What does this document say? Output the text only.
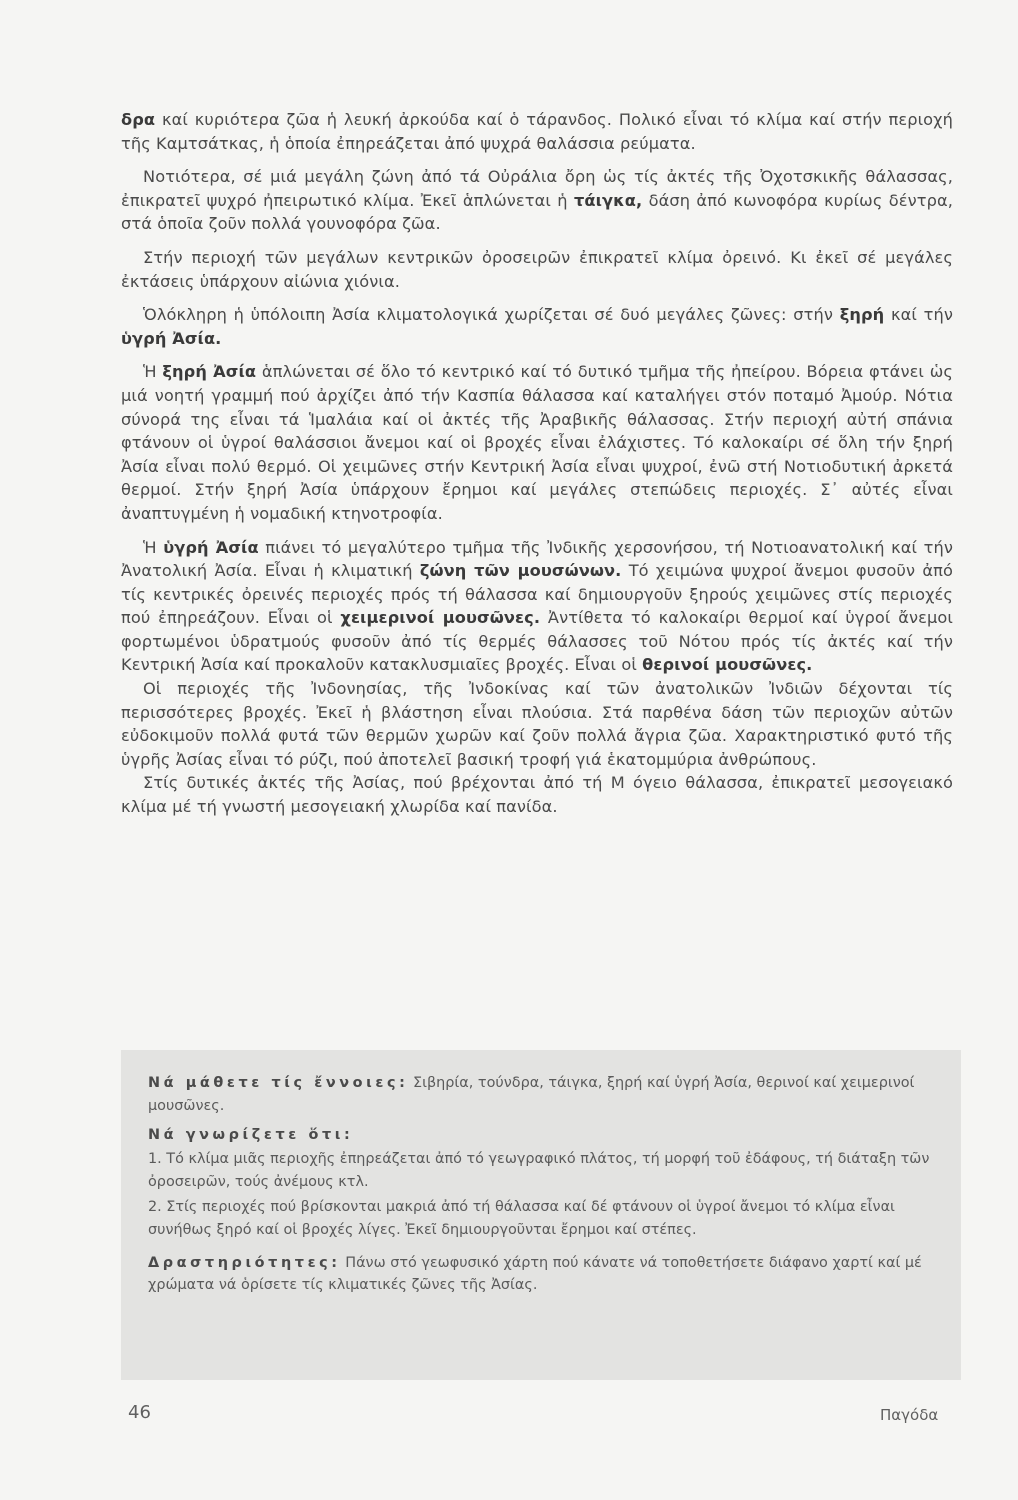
δρα καί κυριότερα ζῶα ἡ λευκή ἀρκούδα καί ὁ τάρανδος. Πολικό εἶναι τό κλίμα καί στήν περιοχή τῆς Καμτσάτκας, ἡ ὁποία ἐπηρεάζεται ἀπό ψυχρά θαλάσσια ρεύματα.

Νοτιότερα, σέ μιά μεγάλη ζώνη ἀπό τά Οὐράλια ὄρη ὡς τίς ἀκτές τῆς Ὀχοτσκικῆς θάλασσας, ἐπικρατεῖ ψυχρό ἠπειρωτικό κλίμα. Ἐκεῖ ἁπλώνεται ἡ τάιγκα, δάση ἀπό κωνοφόρα κυρίως δέντρα, στά ὁποῖα ζοῦν πολλά γουνοφόρα ζῶα.

Στήν περιοχή τῶν μεγάλων κεντρικῶν ὀροσειρῶν ἐπικρατεῖ κλίμα ὀρεινό. Κι ἐκεῖ σέ μεγάλες ἐκτάσεις ὑπάρχουν αἰώνια χιόνια.

Ὁλόκληρη ἡ ὑπόλοιπη Ἀσία κλιματολογικά χωρίζεται σέ δυό μεγάλες ζῶνες: στήν ξηρή καί τήν ὑγρή Ἀσία.

Ἡ ξηρή Ἀσία ἁπλώνεται σέ ὅλο τό κεντρικό καί τό δυτικό τμῆμα τῆς ἠπείρου. Βόρεια φτάνει ὡς μιά νοητή γραμμή πού ἀρχίζει ἀπό τήν Κασπία θάλασσα καί καταλήγει στόν ποταμό Ἀμούρ. Νότια σύνορά της εἶναι τά Ἱμαλάια καί οἱ ἀκτές τῆς Ἀραβικῆς θάλασσας. Στήν περιοχή αὐτή σπάνια φτάνουν οἱ ὑγροί θαλάσσιοι ἄνεμοι καί οἱ βροχές εἶναι ἐλάχιστες. Τό καλοκαίρι σέ ὅλη τήν ξηρή Ἀσία εἶναι πολύ θερμό. Οἱ χειμῶνες στήν Κεντρική Ἀσία εἶναι ψυχροί, ἐνῶ στή Νοτιοδυτική ἀρκετά θερμοί. Στήν ξηρή Ἀσία ὑπάρχουν ἔρημοι καί μεγάλες στεπώδεις περιοχές. Σ᾿ αὐτές εἶναι ἀναπτυγμένη ἡ νομαδική κτηνοτροφία.

Ἡ ὑγρή Ἀσία πιάνει τό μεγαλύτερο τμῆμα τῆς Ἰνδικῆς χερσονήσου, τή Νοτιοανατολική καί τήν Ἀνατολική Ἀσία. Εἶναι ἡ κλιματική ζώνη τῶν μουσώνων. Τό χειμώνα ψυχροί ἄνεμοι φυσοῦν ἀπό τίς κεντρικές ὀρεινές περιοχές πρός τή θάλασσα καί δημιουργοῦν ξηρούς χειμῶνες στίς περιοχές πού ἐπηρεάζουν. Εἶναι οἱ χειμερινοί μουσῶνες. Ἀντίθετα τό καλοκαίρι θερμοί καί ὑγροί ἄνεμοι φορτωμένοι ὑδρατμούς φυσοῦν ἀπό τίς θερμές θάλασσες τοῦ Νότου πρός τίς ἀκτές καί τήν Κεντρική Ἀσία καί προκαλοῦν κατακλυσμιαῖες βροχές. Εἶναι οἱ θερινοί μουσῶνες.

Οἱ περιοχές τῆς Ἰνδονησίας, τῆς Ἰνδοκίνας καί τῶν ἀνατολικῶν Ἰνδιῶν δέχονται τίς περισσότερες βροχές. Ἐκεῖ ἡ βλάστηση εἶναι πλούσια. Στά παρθένα δάση τῶν περιοχῶν αὐτῶν εὐδοκιμοῦν πολλά φυτά τῶν θερμῶν χωρῶν καί ζοῦν πολλά ἄγρια ζῶα. Χαρακτηριστικό φυτό τῆς ὑγρῆς Ἀσίας εἶναι τό ρύζι, πού ἀποτελεῖ βασική τροφή γιά ἑκατομμύρια ἀνθρώπους.

Στίς δυτικές ἀκτές τῆς Ἀσίας, πού βρέχονται ἀπό τή Μ όγειο θάλασσα, ἐπικρατεῖ μεσογειακό κλίμα μέ τή γνωστή μεσογειακή χλωρίδα καί πανίδα.

Νά μάθετε τίς ἔννοιες: Σιβηρία, τούνδρα, τάιγκα, ξηρή καί ὑγρή Ἀσία, θερινοί καί χειμερινοί μουσῶνες.

Νά γνωρίζετε ὅτι:

1. Τό κλίμα μιᾶς περιοχῆς ἐπηρεάζεται ἀπό τό γεωγραφικό πλάτος, τή μορφή τοῦ ἐδάφους, τή διάταξη τῶν ὀροσειρῶν, τούς ἀνέμους κτλ.

2. Στίς περιοχές πού βρίσκονται μακριά ἀπό τή θάλασσα καί δέ φτάνουν οἱ ὑγροί ἄνεμοι τό κλίμα εἶναι συνήθως ξηρό καί οἱ βροχές λίγες. Ἐκεῖ δημιουργοῦνται ἔρημοι καί στέπες.

Δραστηριότητες: Πάνω στό γεωφυσικό χάρτη πού κάνατε νά τοποθετήσετε διάφανο χαρτί καί μέ χρώματα νά ὁρίσετε τίς κλιματικές ζῶνες τῆς Ἀσίας.

46	Παγόδα
